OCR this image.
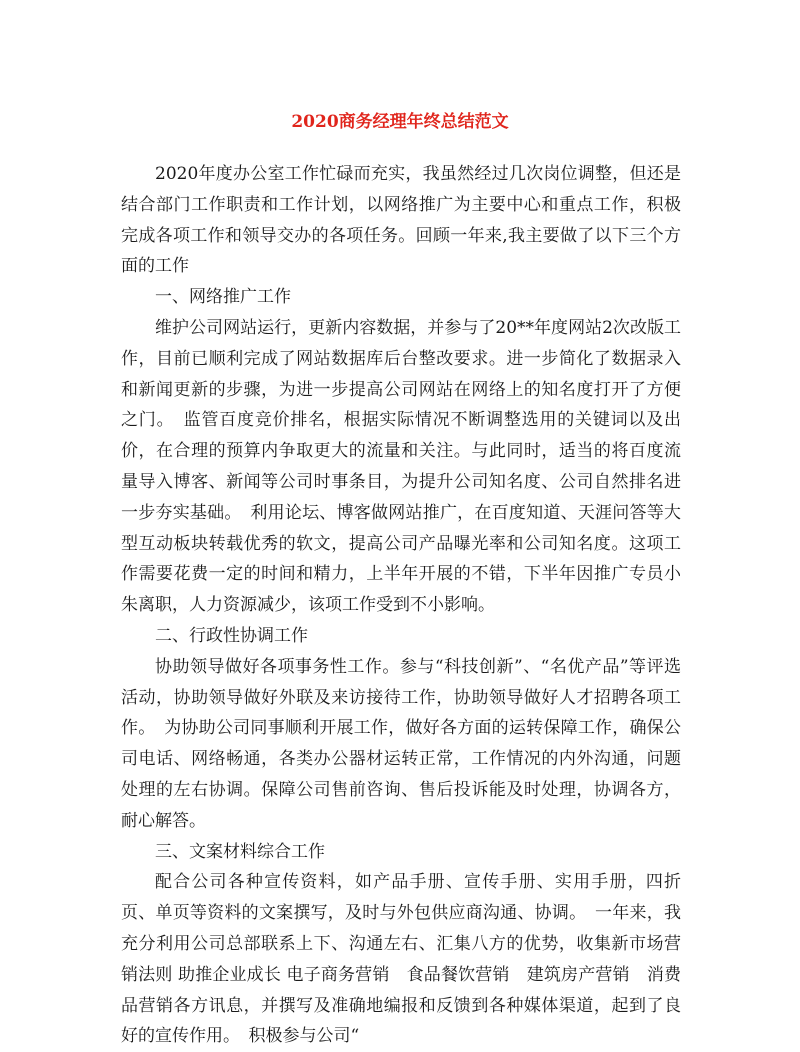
2020商务经理年终总结范文

2020年度办公室工作忙碌而充实，我虽然经过几次岗位调整，但还是结合部门工作职责和工作计划，以网络推广为主要中心和重点工作，积极完成各项工作和领导交办的各项任务。回顾一年来,我主要做了以下三个方面的工作

一、网络推广工作

维护公司网站运行，更新内容数据，并参与了20**年度网站2次改版工作，目前已顺利完成了网站数据库后台整改要求。进一步简化了数据录入和新闻更新的步骤，为进一步提高公司网站在网络上的知名度打开了方便之门。　监管百度竞价排名，根据实际情况不断调整选用的关键词以及出价，在合理的预算内争取更大的流量和关注。与此同时，适当的将百度流量导入博客、新闻等公司时事条目，为提升公司知名度、公司自然排名进一步夯实基础。　利用论坛、博客做网站推广，在百度知道、天涯问答等大型互动板块转载优秀的软文，提高公司产品曝光率和公司知名度。这项工作需要花费一定的时间和精力，上半年开展的不错，下半年因推广专员小朱离职，人力资源减少，该项工作受到不小影响。

二、行政性协调工作

协助领导做好各项事务性工作。参与“科技创新”、“名优产品”等评选活动，协助领导做好外联及来访接待工作，协助领导做好人才招聘各项工作。　为协助公司同事顺利开展工作，做好各方面的运转保障工作，确保公司电话、网络畅通，各类办公器材运转正常，工作情况的内外沟通，问题处理的左右协调。保障公司售前咨询、售后投诉能及时处理，协调各方，耐心解答。

三、文案材料综合工作

配合公司各种宣传资料，如产品手册、宣传手册、实用手册，四折页、单页等资料的文案撰写，及时与外包供应商沟通、协调。　一年来，我充分利用公司总部联系上下、沟通左右、汇集八方的优势，收集新市场营销法则 助推企业成长 电子商务营销　食品餐饮营销　建筑房产营销　消费品营销各方讯息，并撰写及准确地编报和反馈到各种媒体渠道，起到了良好的宣传作用。　积极参与公司“
